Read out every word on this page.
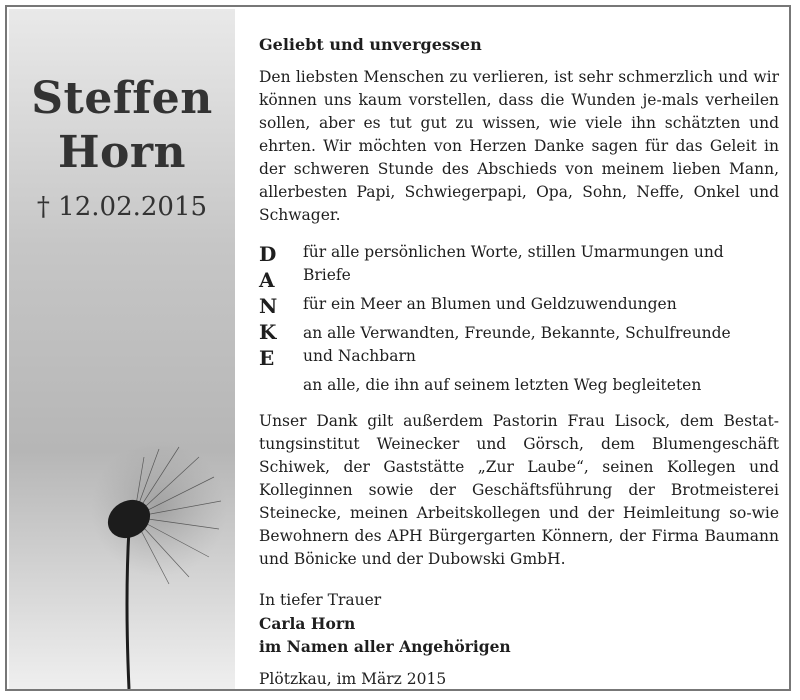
Steffen
Horn
† 12.02.2015

Geliebt und unvergessen

Den liebsten Menschen zu verlieren, ist sehr schmerzlich und wir können uns kaum vorstellen, dass die Wunden je-mals verheilen sollen, aber es tut gut zu wissen, wie viele ihn schätzten und ehrten. Wir möchten von Herzen Danke sagen für das Geleit in der schweren Stunde des Abschieds von meinem lieben Mann, allerbesten Papi, Schwiegerpapi, Opa, Sohn, Neffe, Onkel und Schwager.

D
A
N
K
E

für alle persönlichen Worte, stillen Umarmungen und Briefe

für ein Meer an Blumen und Geldzuwendungen

an alle Verwandten, Freunde, Bekannte, Schulfreunde und Nachbarn

an alle, die ihn auf seinem letzten Weg begleiteten

Unser Dank gilt außerdem Pastorin Frau Lisock, dem Bestat-tungsinstitut Weinecker und Görsch, dem Blumengeschäft Schiwek, der Gaststätte „Zur Laube“, seinen Kollegen und Kolleginnen sowie der Geschäftsführung der Brotmeisterei Steinecke, meinen Arbeitskollegen und der Heimleitung so-wie Bewohnern des APH Bürgergarten Könnern, der Firma Baumann und Bönicke und der Dubowski GmbH.

In tiefer Trauer
Carla Horn
im Namen aller Angehörigen
Plötzkau, im März 2015
